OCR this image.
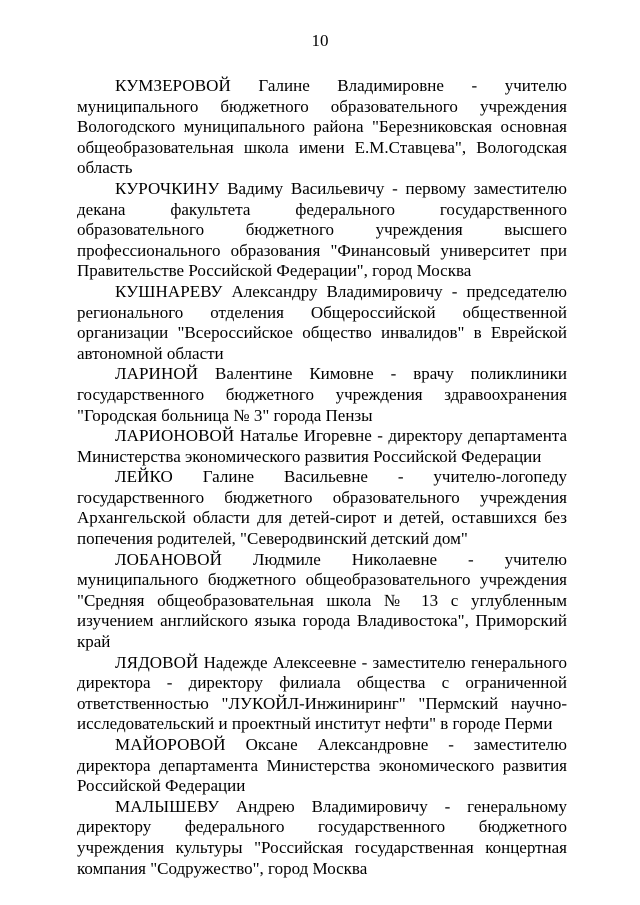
10

КУМЗЕРОВОЙ Галине Владимировне - учителю муниципального бюджетного образовательного учреждения Вологодского муниципального района "Березниковская основная общеобразовательная школа имени Е.М.Ставцева", Вологодская область

КУРОЧКИНУ Вадиму Васильевичу - первому заместителю декана факультета федерального государственного образовательного бюджетного учреждения высшего профессионального образования "Финансовый университет при Правительстве Российской Федерации", город Москва

КУШНАРЕВУ Александру Владимировичу - председателю регионального отделения Общероссийской общественной организации "Всероссийское общество инвалидов" в Еврейской автономной области

ЛАРИНОЙ Валентине Кимовне - врачу поликлиники государственного бюджетного учреждения здравоохранения "Городская больница № 3" города Пензы

ЛАРИОНОВОЙ Наталье Игоревне - директору департамента Министерства экономического развития Российской Федерации

ЛЕЙКО Галине Васильевне - учителю-логопеду государственного бюджетного образовательного учреждения Архангельской области для детей-сирот и детей, оставшихся без попечения родителей, "Северодвинский детский дом"

ЛОБАНОВОЙ Людмиле Николаевне - учителю муниципального бюджетного общеобразовательного учреждения "Средняя общеобразовательная школа № 13 с углубленным изучением английского языка города Владивостока", Приморский край

ЛЯДОВОЙ Надежде Алексеевне - заместителю генерального директора - директору филиала общества с ограниченной ответственностью "ЛУКОЙЛ-Инжиниринг" "Пермский научно-исследовательский и проектный институт нефти" в городе Перми

МАЙОРОВОЙ Оксане Александровне - заместителю директора департамента Министерства экономического развития Российской Федерации

МАЛЫШЕВУ Андрею Владимировичу - генеральному директору федерального государственного бюджетного учреждения культуры "Российская государственная концертная компания "Содружество", город Москва
